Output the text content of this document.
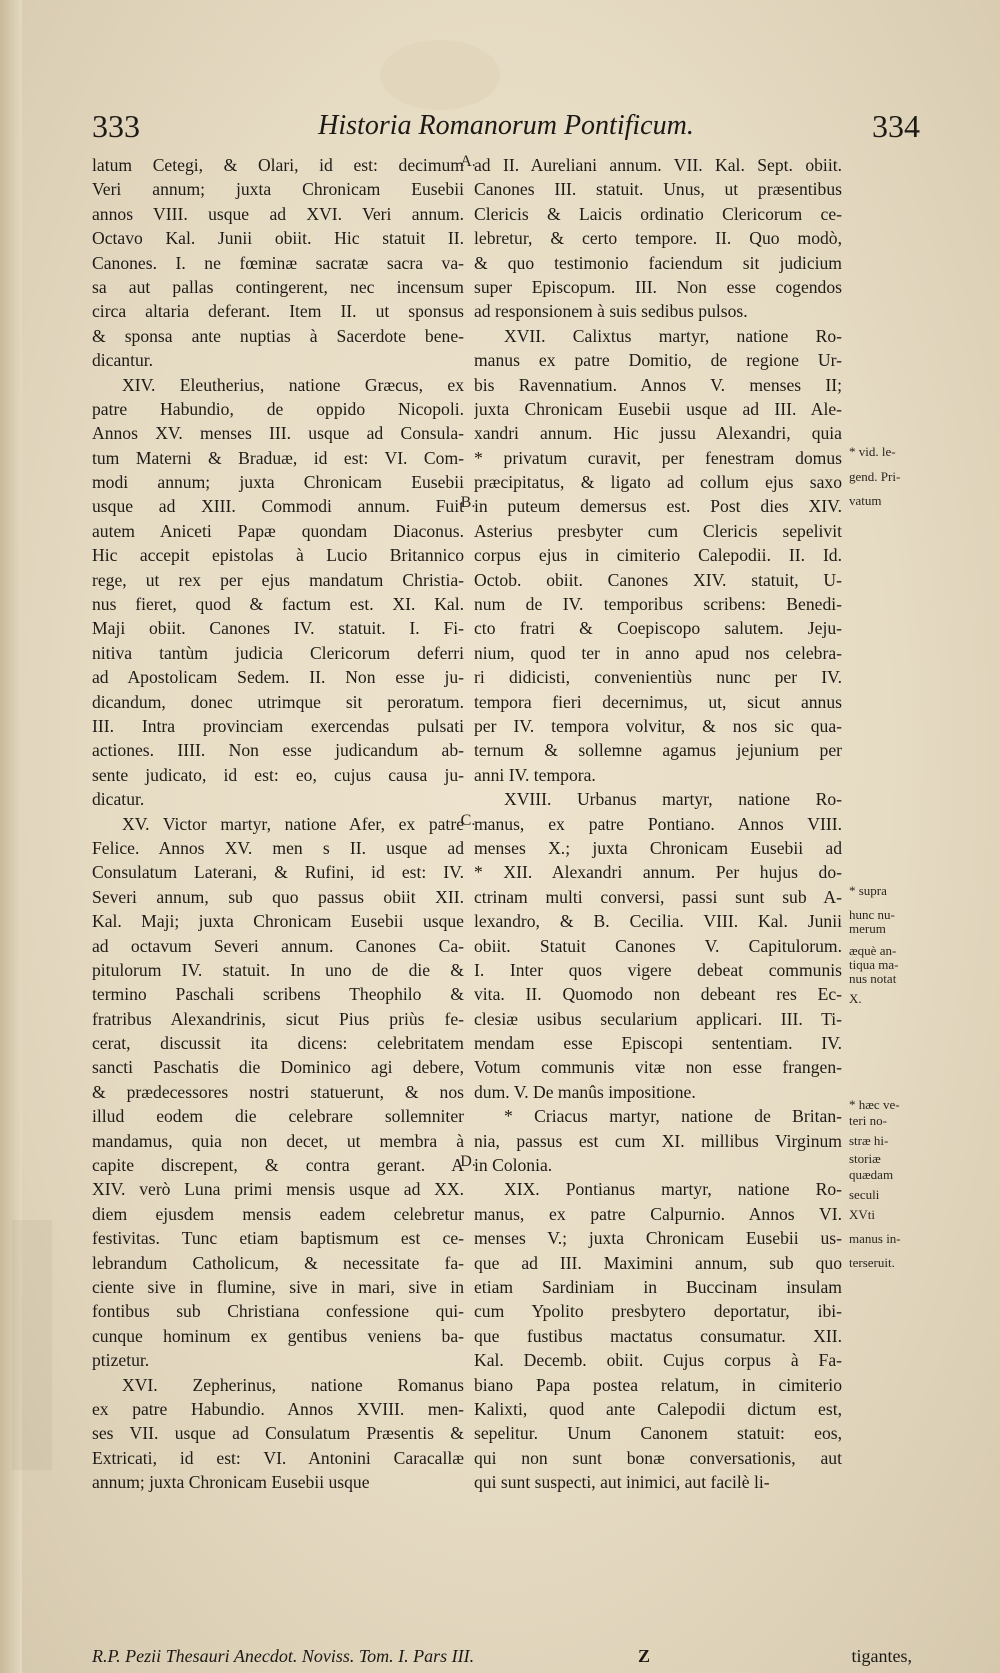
333	Historia Romanorum Pontificum.	334
latum Cetegi, & Olari, id est: decimum
Veri annum; juxta Chronicam Eusebii
annos VIII. usque ad XVI. Veri annum.
Octavo Kal. Junii obiit. Hic statuit II.
Canones. I. ne fœminæ sacratæ sacra va-
sa aut pallas contingerent, nec incensum
circa altaria deferant. Item II. ut sponsus
& sponsa ante nuptias à Sacerdote bene-
dicantur.
XIV. Eleutherius, natione Græcus, ex
patre Habundio, de oppido Nicopoli.
Annos XV. menses III. usque ad Consula-
tum Materni & Braduæ, id est: VI. Com-
modi annum; juxta Chronicam Eusebii
usque ad XIII. Commodi annum. Fuit
autem Aniceti Papæ quondam Diaconus.
Hic accepit epistolas à Lucio Britannico
rege, ut rex per ejus mandatum Christia-
nus fieret, quod & factum est. XI. Kal.
Maji obiit. Canones IV. statuit. I. Fi-
nitiva tantùm judicia Clericorum deferri
ad Apostolicam Sedem. II. Non esse ju-
dicandum, donec utrimque sit peroratum.
III. Intra provinciam exercendas pulsati
actiones. IIII. Non esse judicandum ab-
sente judicato, id est: eo, cujus causa ju-
dicatur.
XV. Victor martyr, natione Afer, ex patre
Felice. Annos XV. men s II. usque ad
Consulatum Laterani, & Rufini, id est: IV.
Severi annum, sub quo passus obiit XII.
Kal. Maji; juxta Chronicam Eusebii usque
ad octavum Severi annum. Canones Ca-
pitulorum IV. statuit. In uno de die &
termino Paschali scribens Theophilo &
fratribus Alexandrinis, sicut Pius priùs fe-
cerat, discussit ita dicens: celebritatem
sancti Paschatis die Dominico agi debere,
& prædecessores nostri statuerunt, & nos
illud eodem die celebrare sollemniter
mandamus, quia non decet, ut membra à
capite discrepent, & contra gerant. A
XIV. verò Luna primi mensis usque ad XX.
diem ejusdem mensis eadem celebretur
festivitas. Tunc etiam baptismum est ce-
lebrandum Catholicum, & necessitate fa-
ciente sive in flumine, sive in mari, sive in
fontibus sub Christiana confessione qui-
cunque hominum ex gentibus veniens ba-
ptizetur.
XVI. Zepherinus, natione Romanus
ex patre Habundio. Annos XVIII. men-
ses VII. usque ad Consulatum Præsentis &
Extricati, id est: VI. Antonini Caracallæ
annum; juxta Chronicam Eusebii usque
ad II. Aureliani annum. VII. Kal. Sept. obiit.
Canones III. statuit. Unus, ut præsentibus
Clericis & Laicis ordinatio Clericorum ce-
lebretur, & certo tempore. II. Quo modò,
& quo testimonio faciendum sit judicium
super Episcopum. III. Non esse cogendos
ad responsionem à suis sedibus pulsos.
XVII. Calixtus martyr, natione Ro-
manus ex patre Domitio, de regione Ur-
bis Ravennatium. Annos V. menses II;
juxta Chronicam Eusebii usque ad III. Ale-
xandri annum. Hic jussu Alexandri, quia
* privatum curavit, per fenestram domus
præcipitatus, & ligato ad collum ejus saxo
in puteum demersus est. Post dies XIV.
Asterius presbyter cum Clericis sepelivit
corpus ejus in cimiterio Calepodii. II. Id.
Octob. obiit. Canones XIV. statuit, U-
num de IV. temporibus scribens: Benedi-
cto fratri & Coepiscopo salutem. Jeju-
nium, quod ter in anno apud nos celebra-
ri didicisti, convenientiùs nunc per IV.
tempora fieri decernimus, ut, sicut annus
per IV. tempora volvitur, & nos sic qua-
ternum & sollemne agamus jejunium per
anni IV. tempora.
XVIII. Urbanus martyr, natione Ro-
manus, ex patre Pontiano. Annos VIII.
menses X.; juxta Chronicam Eusebii ad
* XII. Alexandri annum. Per hujus do-
ctrinam multi conversi, passi sunt sub A-
lexandro, & B. Cecilia. VIII. Kal. Junii
obiit. Statuit Canones V. Capitulorum.
I. Inter quos vigere debeat communis
vita. II. Quomodo non debeant res Ec-
clesiæ usibus secularium applicari. III. Ti-
mendam esse Episcopi sententiam. IV.
Votum communis vitæ non esse frangen-
dum. V. De manûs impositione.
* Criacus martyr, natione de Britan-
nia, passus est cum XI. millibus Virginum
in Colonia.
XIX. Pontianus martyr, natione Ro-
manus, ex patre Calpurnio. Annos VI.
menses V.; juxta Chronicam Eusebii us-
que ad III. Maximini annum, sub quo
etiam Sardiniam in Buccinam insulam
cum Ypolito presbytero deportatur, ibi-
que fustibus mactatus consumatur. XII.
Kal. Decemb. obiit. Cujus corpus à Fa-
biano Papa postea relatum, in cimiterio
Kalixti, quod ante Calepodii dictum est,
sepelitur. Unum Canonem statuit: eos,
qui non sunt bonæ conversationis, aut
qui sunt suspecti, aut inimici, aut facilè li-
A.
B.
C.
D.
* vid. le-
gend. Pri-
vatum
* supra
hunc nu-
merum
æquè an-
tiqua ma-
nus notat
X.
* hæc ve-
teri no-
stræ hi-
storiæ
quædam
seculi
XVti
manus in-
terseruit.
R.P. Pezii Thesauri Anecdot. Noviss. Tom. I. Pars III.	Z	tigantes,
